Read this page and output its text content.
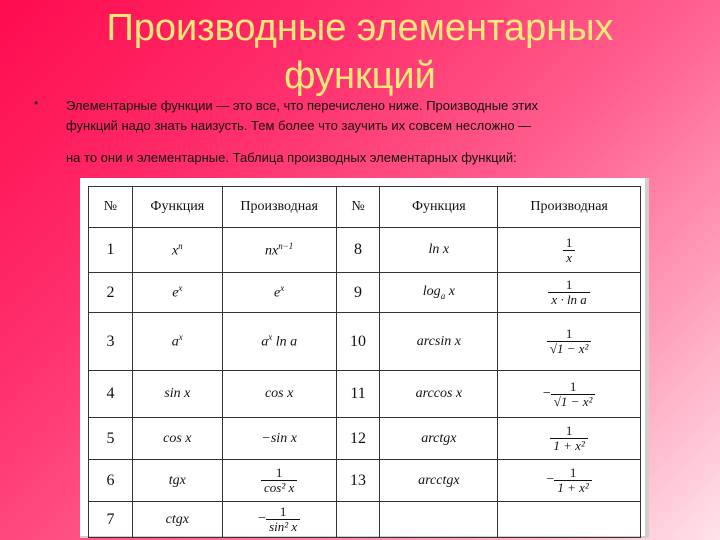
Производные элементарных
функций
• Элементарные функции — это все, что перечислено ниже. Производные этих
функций надо знать наизусть. Тем более что заучить их совсем несложно —
на то они и элементарные. Таблица производных элементарных функций:
№	Функция	Производная	№	Функция	Производная
1	$x^n$	$nx^{n-1}$	8	ln x	$\frac{1}{x}$

2	$e^x$	$e^x$	9	$\log_a x$	$\frac{1}{\text{x · ln a}}$

3	$a^x$	$a^x$ ln a	10	arcsin x	$\frac{1}{\text{√1 − x²}}$

4	sin x	cos x	11	arccos x	− $\frac{1}{\text{√1 − x²}}$

5	cos x	−sin x	12	arctgx	$\frac{1}{\text{1 + x²}}$

6	tgx	$\frac{1}{\text{cos² x}}$	13	arcctgx	− $\frac{1}{\text{1 + x²}}$

7	ctgx	− $\frac{1}{\text{sin² x}}$
